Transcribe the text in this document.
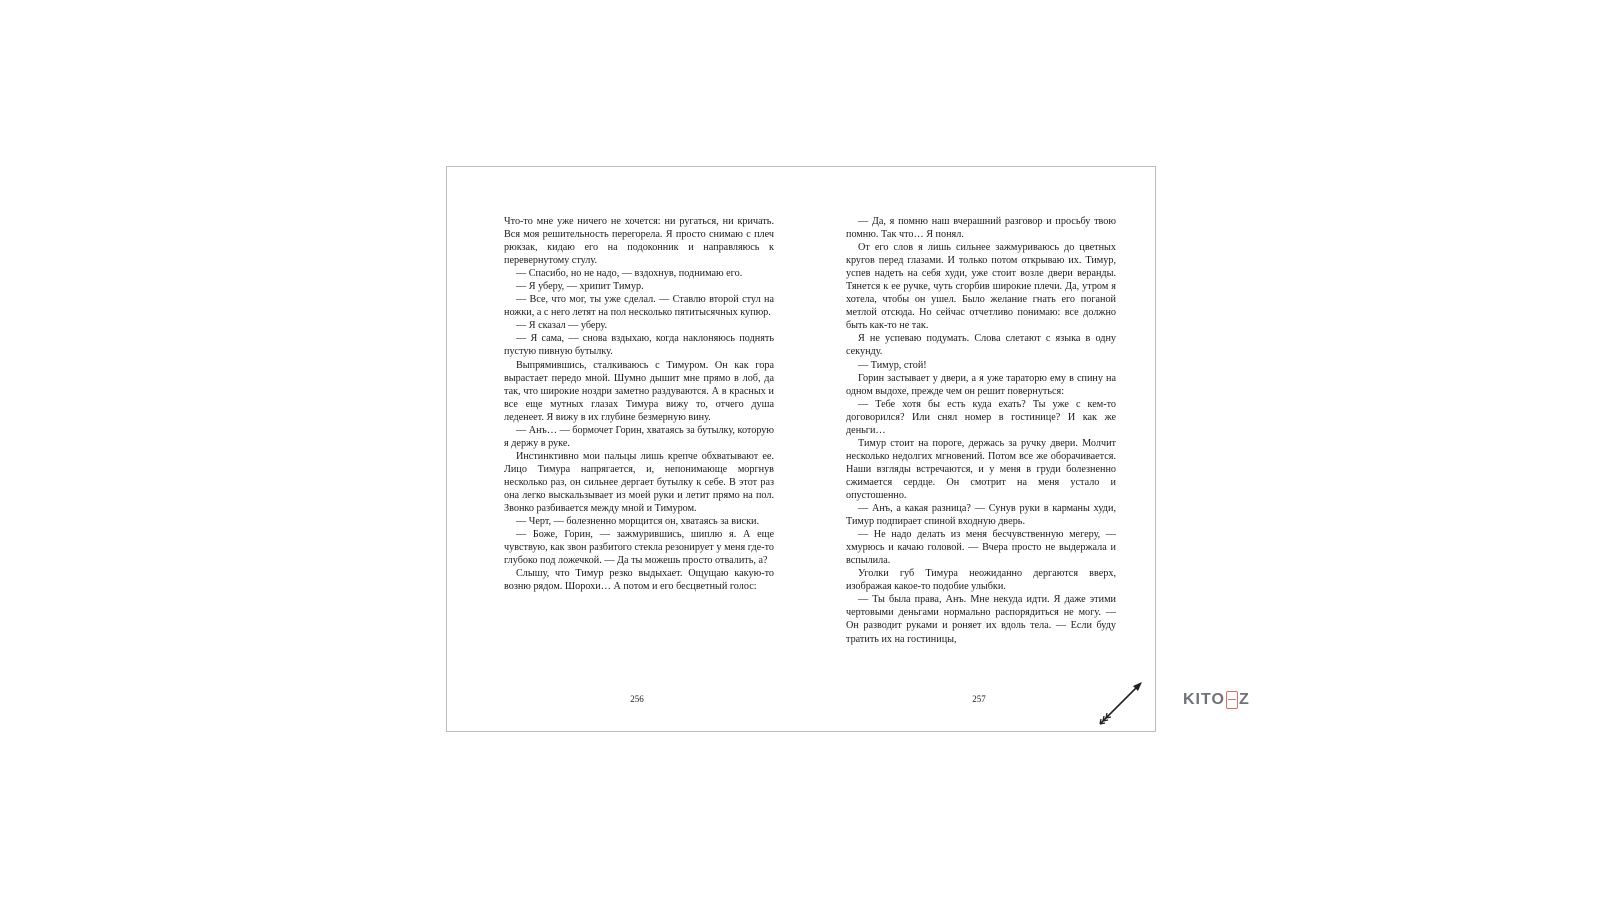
Что-то мне уже ничего не хочется: ни ругаться, ни кричать. Вся моя решительность перегорела. Я просто снимаю с плеч рюкзак, кидаю его на подоконник и направляюсь к перевернутому стулу.

— Спасибо, но не надо, — вздохнув, поднимаю его.

— Я уберу, — хрипит Тимур.

— Все, что мог, ты уже сделал. — Ставлю второй стул на ножки, а с него летят на пол несколько пятитысячных купюр.

— Я сказал — уберу.

— Я сама, — снова вздыхаю, когда наклоняюсь поднять пустую пивную бутылку.

Выпрямившись, сталкиваюсь с Тимуром. Он как гора вырастает передо мной. Шумно дышит мне прямо в лоб, да так, что широкие ноздри заметно раздуваются. А в красных и все еще мутных глазах Тимура вижу то, отчего душа леденеет. Я вижу в их глубине безмерную вину.

— Анъ… — бормочет Горин, хватаясь за бутылку, которую я держу в руке.

Инстинктивно мои пальцы лишь крепче обхватывают ее. Лицо Тимура напрягается, и, непонимающе моргнув несколько раз, он сильнее дергает бутылку к себе. В этот раз она легко выскальзывает из моей руки и летит прямо на пол. Звонко разбивается между мной и Тимуром.

— Черт, — болезненно морщится он, хватаясь за виски.

— Боже, Горин, — зажмурившись, шиплю я. А еще чувствую, как звон разбитого стекла резонирует у меня где-то глубоко под ложечкой. — Да ты можешь просто отвалить, а?

Слышу, что Тимур резко выдыхает. Ощущаю какую-то возню рядом. Шорохи… А потом и его бесцветный голос:

256

— Да, я помню наш вчерашний разговор и просьбу твою помню. Так что… Я понял.

От его слов я лишь сильнее зажмуриваюсь до цветных кругов перед глазами. И только потом открываю их. Тимур, успев надеть на себя худи, уже стоит возле двери веранды. Тянется к ее ручке, чуть сгорбив широкие плечи. Да, утром я хотела, чтобы он ушел. Было желание гнать его поганой метлой отсюда. Но сейчас отчетливо понимаю: все должно быть как-то не так.

Я не успеваю подумать. Слова слетают с языка в одну секунду.

— Тимур, стой!

Горин застывает у двери, а я уже тараторю ему в спину на одном выдохе, прежде чем он решит повернуться:

— Тебе хотя бы есть куда ехать? Ты уже с кем-то договорился? Или снял номер в гостинице? И как же деньги…

Тимур стоит на пороге, держась за ручку двери. Молчит несколько недолгих мгновений. Потом все же оборачивается. Наши взгляды встречаются, и у меня в груди болезненно сжимается сердце. Он смотрит на меня устало и опустошенно.

— Анъ, а какая разница? — Сунув руки в карманы худи, Тимур подпирает спиной входную дверь.

— Не надо делать из меня бесчувственную мегеру, — хмурюсь и качаю головой. — Вчера просто не выдержала и вспылила.

Уголки губ Тимура неожиданно дергаются вверх, изображая какое-то подобие улыбки.

— Ты была права, Анъ. Мне некуда идти. Я даже этими чертовыми деньгами нормально распорядиться не могу. — Он разводит руками и роняет их вдоль тела. — Если буду тратить их на гостиницы,

257	KITO Z
